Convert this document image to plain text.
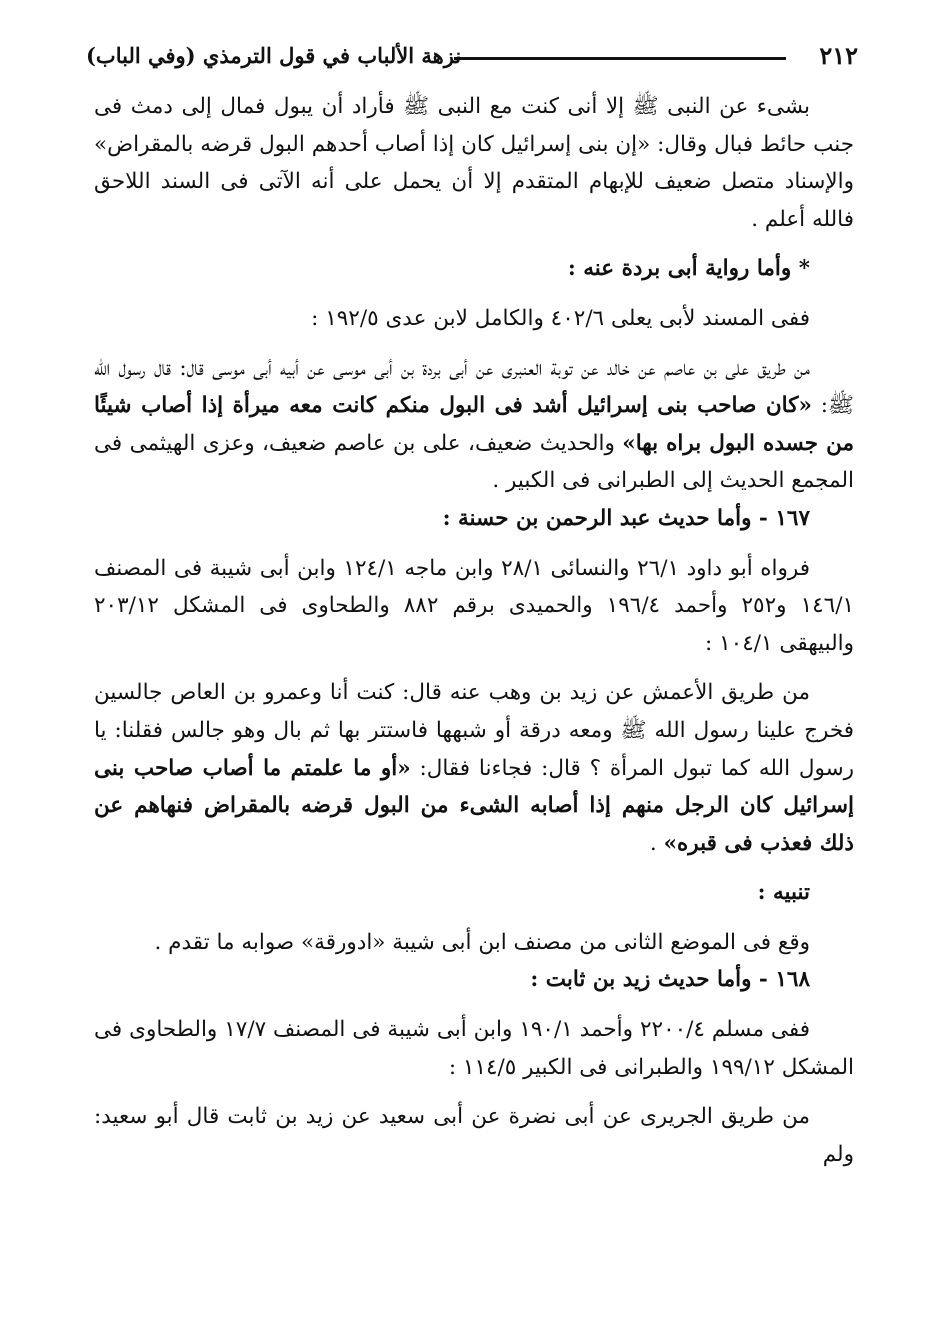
٢١٢
نزهة الألباب في قول الترمذي (وفي الباب)

بشىء عن النبى ﷺ إلا أنى كنت مع النبى ﷺ فأراد أن يبول فمال إلى دمث فى جنب حائط فبال وقال: «إن بنى إسرائيل كان إذا أصاب أحدهم البول قرضه بالمقراض» والإسناد متصل ضعيف للإبهام المتقدم إلا أن يحمل على أنه الآتى فى السند اللاحق فالله أعلم .

* وأما رواية أبى بردة عنه :

ففى المسند لأبى يعلى ٤٠٢/٦ والكامل لابن عدى ١٩٢/٥ :

من طريق على بن عاصم عن خالد عن توبة العنبرى عن أبى بردة بن أبى موسى عن أبيه أبى موسى قال: قال رسول الله ﷺ: «كان صاحب بنى إسرائيل أشد فى البول منكم كانت معه ميرأة إذا أصاب شيئًا من جسده البول براه بها» والحديث ضعيف، على بن عاصم ضعيف، وعزى الهيثمى فى المجمع الحديث إلى الطبرانى فى الكبير .

١٦٧ - وأما حديث عبد الرحمن بن حسنة :

فرواه أبو داود ٢٦/١ والنسائى ٢٨/١ وابن ماجه ١٢٤/١ وابن أبى شيبة فى المصنف ١٤٦/١ و٢٥٢ وأحمد ١٩٦/٤ والحميدى برقم ٨٨٢ والطحاوى فى المشكل ٢٠٣/١٢ والبيهقى ١٠٤/١ :

من طريق الأعمش عن زيد بن وهب عنه قال: كنت أنا وعمرو بن العاص جالسين فخرج علينا رسول الله ﷺ ومعه درقة أو شبهها فاستتر بها ثم بال وهو جالس فقلنا: يا رسول الله كما تبول المرأة ؟ قال: فجاءنا فقال: «أو ما علمتم ما أصاب صاحب بنى إسرائيل كان الرجل منهم إذا أصابه الشىء من البول قرضه بالمقراض فنهاهم عن ذلك فعذب فى قبره» .

تنبيه :

وقع فى الموضع الثانى من مصنف ابن أبى شيبة «ادورقة» صوابه ما تقدم .

١٦٨ - وأما حديث زيد بن ثابت :

ففى مسلم ٢٢٠٠/٤ وأحمد ١٩٠/١ وابن أبى شيبة فى المصنف ١٧/٧ والطحاوى فى المشكل ١٩٩/١٢ والطبرانى فى الكبير ١١٤/٥ :

من طريق الجريرى عن أبى نضرة عن أبى سعيد عن زيد بن ثابت قال أبو سعيد: ولم
